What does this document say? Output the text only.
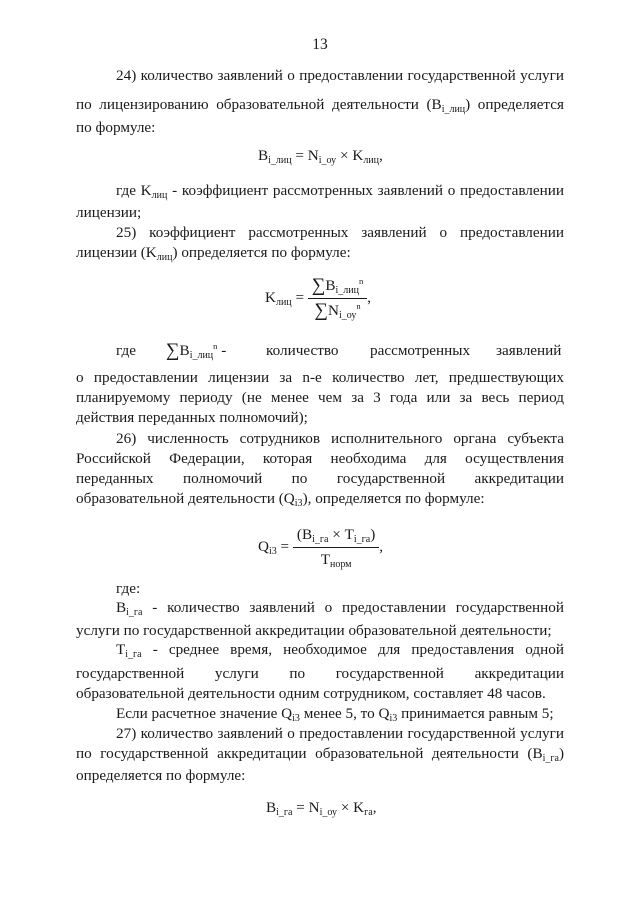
13
24) количество заявлений о предоставлении государственной услуги
по лицензированию образовательной деятельности (Bi_лиц) определяется
по формуле:
Bi_лиц = Ni_оу × Kлиц,
где Kлиц - коэффициент рассмотренных заявлений о предоставлении
лицензии;
25) коэффициент рассмотренных заявлений о предоставлении
лицензии (Kлиц) определяется по формуле:
Kлиц = $\frac{\sum Bi\_лиц^n}{\sum Ni\_оу^n}$ ,
где ∑Bi_лиц$^n$ -	количество рассмотренных заявлений
о предоставлении лицензии за n-е количество лет, предшествующих
планируемому периоду (не менее чем за 3 года или за весь период
действия переданных полномочий);
26) численность сотрудников исполнительного органа субъекта
Российской Федерации, которая необходима для осуществления
переданных полномочий по государственной аккредитации
образовательной деятельности (Qi3), определяется по формуле:
$Qi3 = \frac{(Bi\_га \times Ti\_га)}{\text{Tнорм}}$ ,
где:
Bi_га - количество заявлений о предоставлении государственной
услуги по государственной аккредитации образовательной деятельности;
Ti_га - среднее время, необходимое для предоставления одной
государственной услуги по государственной аккредитации
образовательной деятельности одним сотрудником, составляет 48 часов.
Если расчетное значение Qi3 менее 5, то Qi3 принимается равным 5;
27) количество заявлений о предоставлении государственной услуги
по государственной аккредитации образовательной деятельности (Bi_га)
определяется по формуле:
Bi_га = Ni_оу × Kга,
